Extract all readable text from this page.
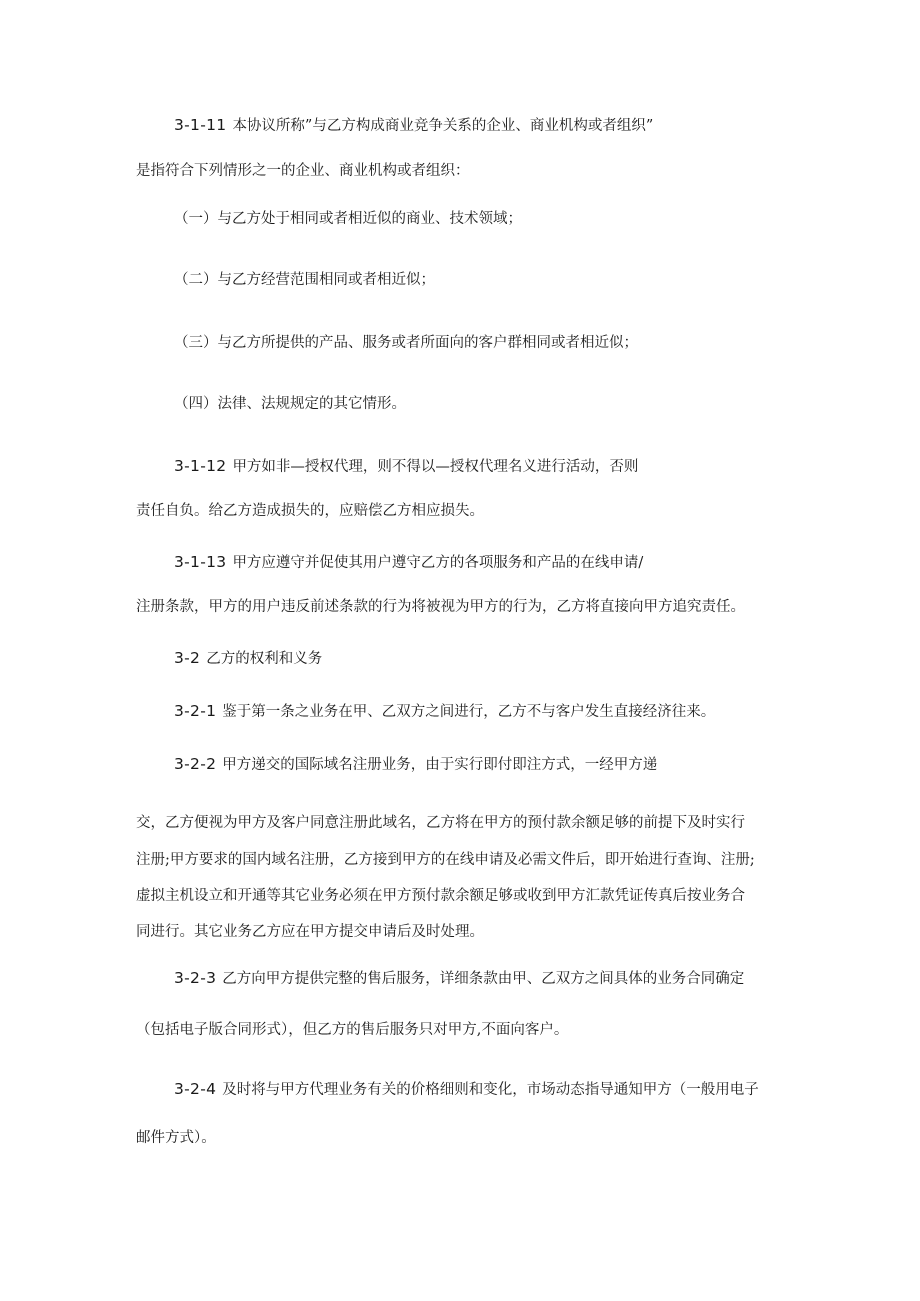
3-1-11 本协议所称”与乙方构成商业竞争关系的企业、商业机构或者组织”
是指符合下列情形之一的企业、商业机构或者组织：
（一）与乙方处于相同或者相近似的商业、技术领域；
（二）与乙方经营范围相同或者相近似；
（三）与乙方所提供的产品、服务或者所面向的客户群相同或者相近似；
（四）法律、法规规定的其它情形。
3-1-12 甲方如非—授权代理，则不得以—授权代理名义进行活动，否则
责任自负。给乙方造成损失的，应赔偿乙方相应损失。
3-1-13 甲方应遵守并促使其用户遵守乙方的各项服务和产品的在线申请/
注册条款，甲方的用户违反前述条款的行为将被视为甲方的行为，乙方将直接向甲方追究责任。
3-2 乙方的权利和义务
3-2-1 鉴于第一条之业务在甲、乙双方之间进行，乙方不与客户发生直接经济往来。
3-2-2 甲方递交的国际域名注册业务，由于实行即付即注方式，一经甲方递
交，乙方便视为甲方及客户同意注册此域名，乙方将在甲方的预付款余额足够的前提下及时实行
注册;甲方要求的国内域名注册，乙方接到甲方的在线申请及必需文件后，即开始进行查询、注册;
虚拟主机设立和开通等其它业务必须在甲方预付款余额足够或收到甲方汇款凭证传真后按业务合
同进行。其它业务乙方应在甲方提交申请后及时处理。
3-2-3 乙方向甲方提供完整的售后服务，详细条款由甲、乙双方之间具体的业务合同确定
（包括电子版合同形式），但乙方的售后服务只对甲方,不面向客户。
3-2-4 及时将与甲方代理业务有关的价格细则和变化，市场动态指导通知甲方（一般用电子
邮件方式）。
